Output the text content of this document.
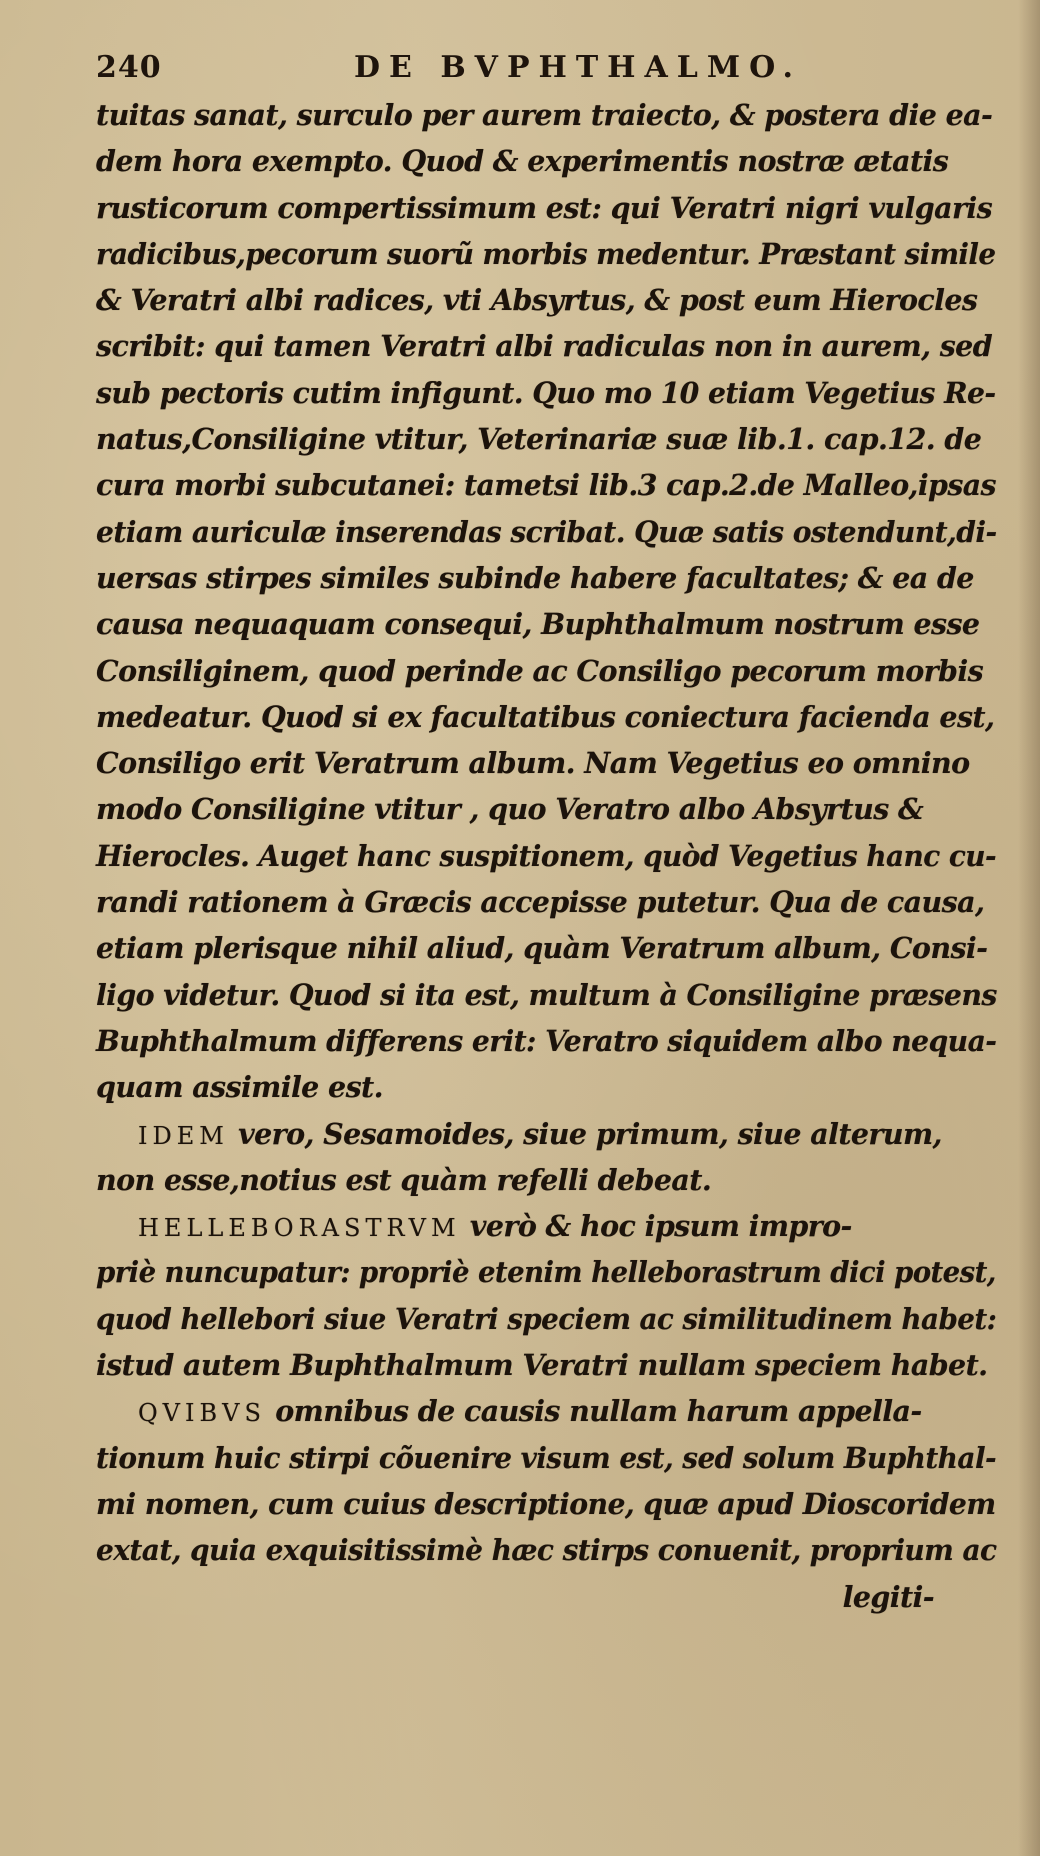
240	DE BVPHTHALMO.
tuitas sanat, surculo per aurem traiecto, & postera die ea-
dem hora exempto. Quod & experimentis nostræ ætatis
rusticorum compertissimum est: qui Veratri nigri vulgaris
radicibus,pecorum suorũ morbis medentur. Præstant simile
& Veratri albi radices, vti Absyrtus, & post eum Hierocles
scribit: qui tamen Veratri albi radiculas non in aurem, sed
sub pectoris cutim infigunt. Quo mo 10 etiam Vegetius Re-
natus,Consiligine vtitur, Veterinariæ suæ lib.1. cap.12. de
cura morbi subcutanei: tametsi lib.3 cap.2.de Malleo,ipsas
etiam auriculæ inserendas scribat. Quæ satis ostendunt,di-
uersas stirpes similes subinde habere facultates; & ea de
causa nequaquam consequi, Buphthalmum nostrum esse
Consiliginem, quod perinde ac Consiligo pecorum morbis
medeatur. Quod si ex facultatibus coniectura facienda est,
Consiligo erit Veratrum album. Nam Vegetius eo omnino
modo Consiligine vtitur , quo Veratro albo Absyrtus &
Hierocles. Auget hanc suspitionem, quòd Vegetius hanc cu-
randi rationem à Græcis accepisse putetur. Qua de causa,
etiam plerisque nihil aliud, quàm Veratrum album, Consi-
ligo videtur. Quod si ita est, multum à Consiligine præsens
Buphthalmum differens erit: Veratro siquidem albo nequa-
quam assimile est.
IDEM vero, Sesamoides, siue primum, siue alterum,
non esse,notius est quàm refelli debeat.
HELLEBORASTRVM verò & hoc ipsum impro-
priè nuncupatur: propriè etenim helleborastrum dici potest,
quod hellebori siue Veratri speciem ac similitudinem habet:
istud autem Buphthalmum Veratri nullam speciem habet.
QVIBVS omnibus de causis nullam harum appella-
tionum huic stirpi cõuenire visum est, sed solum Buphthal-
mi nomen, cum cuius descriptione, quæ apud Dioscoridem
extat, quia exquisitissimè hæc stirps conuenit, proprium ac
legiti-
